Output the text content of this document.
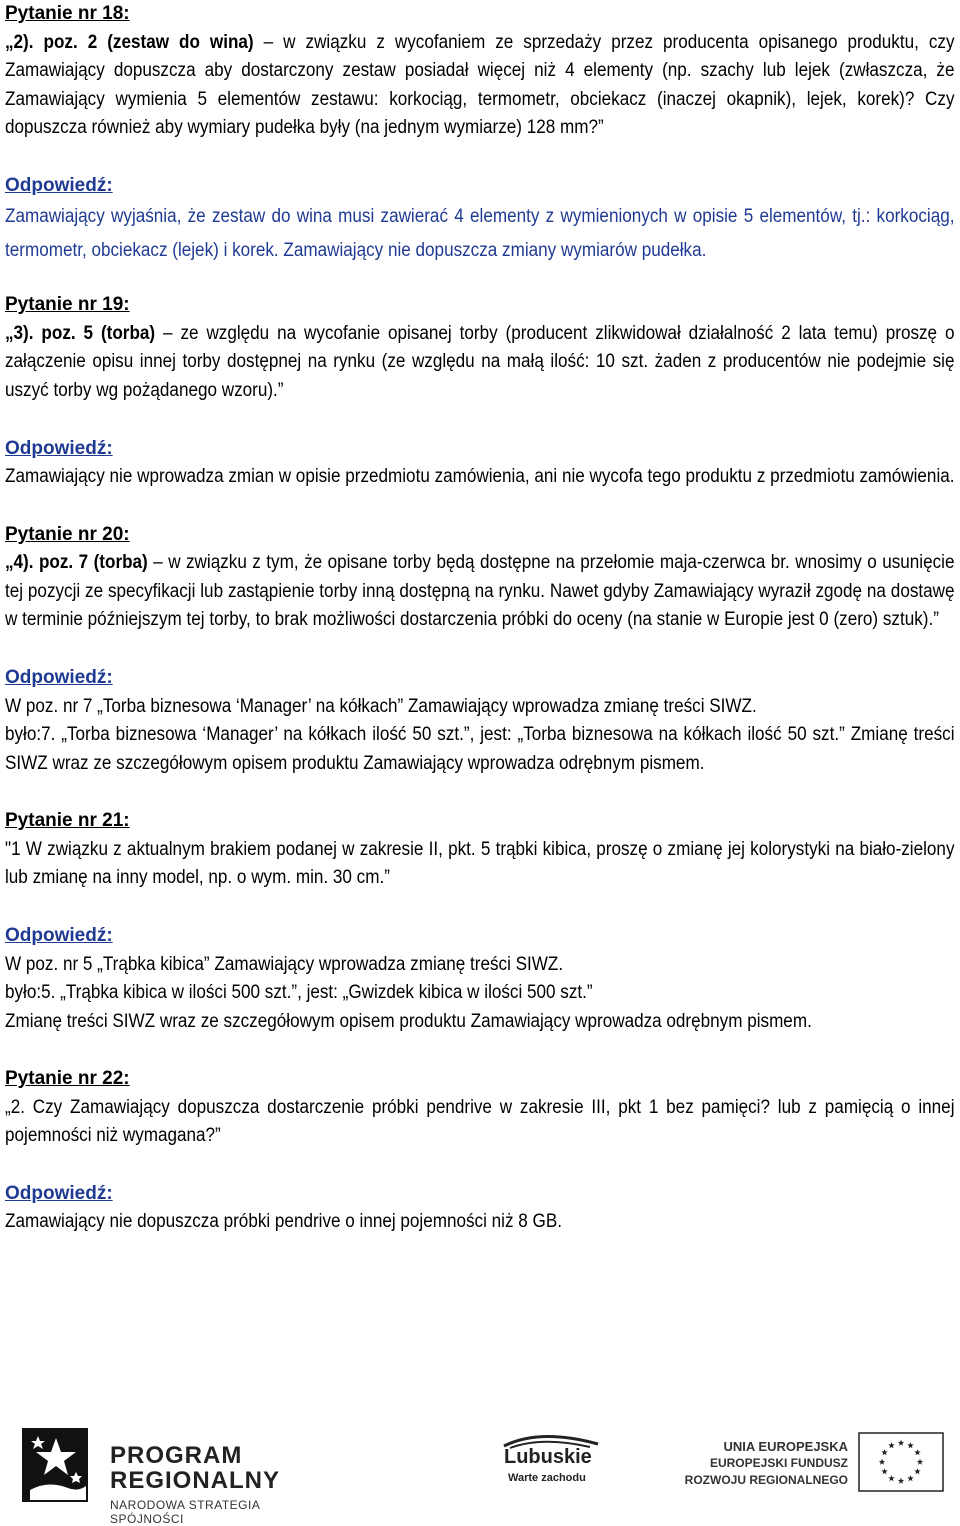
Pytanie nr 18:

„2). poz. 2 (zestaw do wina) – w związku z wycofaniem ze sprzedaży przez producenta opisanego produktu, czy Zamawiający dopuszcza aby dostarczony zestaw posiadał więcej niż 4 elementy (np. szachy lub lejek (zwłaszcza, że Zamawiający wymienia 5 elementów zestawu: korkociąg, termometr, obciekacz (inaczej okapnik), lejek, korek)? Czy dopuszcza również aby wymiary pudełka były (na jednym wymiarze) 128 mm?”

Odpowiedź:

Zamawiający wyjaśnia, że zestaw do wina musi zawierać 4 elementy z wymienionych w opisie 5 elementów, tj.: korkociąg, termometr, obciekacz (lejek) i korek. Zamawiający nie dopuszcza zmiany wymiarów pudełka.

Pytanie nr 19:

„3). poz. 5 (torba) – ze względu na wycofanie opisanej torby (producent zlikwidował działalność 2 lata temu) proszę o załączenie opisu innej torby dostępnej na rynku (ze względu na małą ilość: 10 szt. żaden z producentów nie podejmie się uszyć torby wg pożądanego wzoru).”

Odpowiedź:

Zamawiający nie wprowadza zmian w opisie przedmiotu zamówienia, ani nie wycofa tego produktu z przedmiotu zamówienia.

Pytanie nr 20:

„4). poz. 7 (torba) – w związku z tym, że opisane torby będą dostępne na przełomie maja-czerwca br. wnosimy o usunięcie tej pozycji ze specyfikacji lub zastąpienie torby inną dostępną na rynku. Nawet gdyby Zamawiający wyraził zgodę na dostawę w terminie późniejszym tej torby, to brak możliwości dostarczenia próbki do oceny (na stanie w Europie jest 0 (zero) sztuk).”

Odpowiedź:

W poz. nr 7 „Torba biznesowa ‘Manager’ na kółkach” Zamawiający wprowadza zmianę treści SIWZ.
było:7. „Torba biznesowa ‘Manager’ na kółkach ilość 50 szt.”, jest: „Torba biznesowa na kółkach ilość 50 szt.” Zmianę treści SIWZ wraz ze szczegółowym opisem produktu Zamawiający wprowadza odrębnym pismem.

Pytanie nr 21:

"1 W związku z aktualnym brakiem podanej w zakresie II, pkt. 5 trąbki kibica, proszę o zmianę jej kolorystyki na biało-zielony lub zmianę na inny model, np. o wym. min. 30 cm.”

Odpowiedź:

W poz. nr 5 „Trąbka kibica” Zamawiający wprowadza zmianę treści SIWZ.
było:5. „Trąbka kibica w ilości 500 szt.”, jest: „Gwizdek kibica w ilości 500 szt.”
Zmianę treści SIWZ wraz ze szczegółowym opisem produktu Zamawiający wprowadza odrębnym pismem.

Pytanie nr 22:

„2. Czy Zamawiający dopuszcza dostarczenie próbki pendrive w zakresie III, pkt 1 bez pamięci? lub z pamięcią o innej pojemności niż wymagana?”

Odpowiedź:

Zamawiający nie dopuszcza próbki pendrive o innej pojemności niż 8 GB.

PROGRAM
REGIONALNY
NARODOWA STRATEGIA SPÓJNOŚCI
Lubuskie
Warte zachodu
UNIA EUROPEJSKA
EUROPEJSKI FUNDUSZ
ROZWOJU REGIONALNEGO
